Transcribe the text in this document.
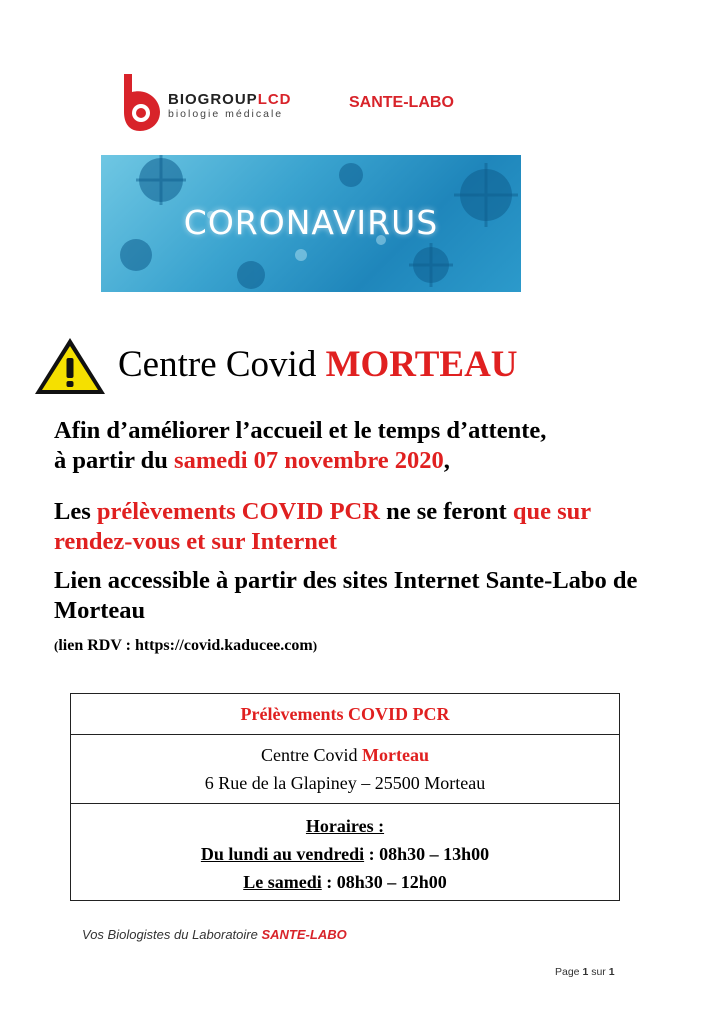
BIOGROUPLCD
biologie médicale
SANTE-LABO
CORONAVIRUS
Centre Covid MORTEAU
Afin d’améliorer l’accueil et le temps d’attente,
à partir du samedi 07 novembre 2020,
Les prélèvements COVID PCR ne se feront que sur rendez-vous et sur Internet
Lien accessible à partir des sites Internet Sante-Labo de Morteau
(lien RDV : https://covid.kaducee.com)
Prélèvements COVID PCR
Centre Covid Morteau
6 Rue de la Glapiney – 25500 Morteau
Horaires :
Du lundi au vendredi : 08h30 – 13h00
Le samedi : 08h30 – 12h00
Vos Biologistes du Laboratoire SANTE-LABO
Page 1 sur 1
